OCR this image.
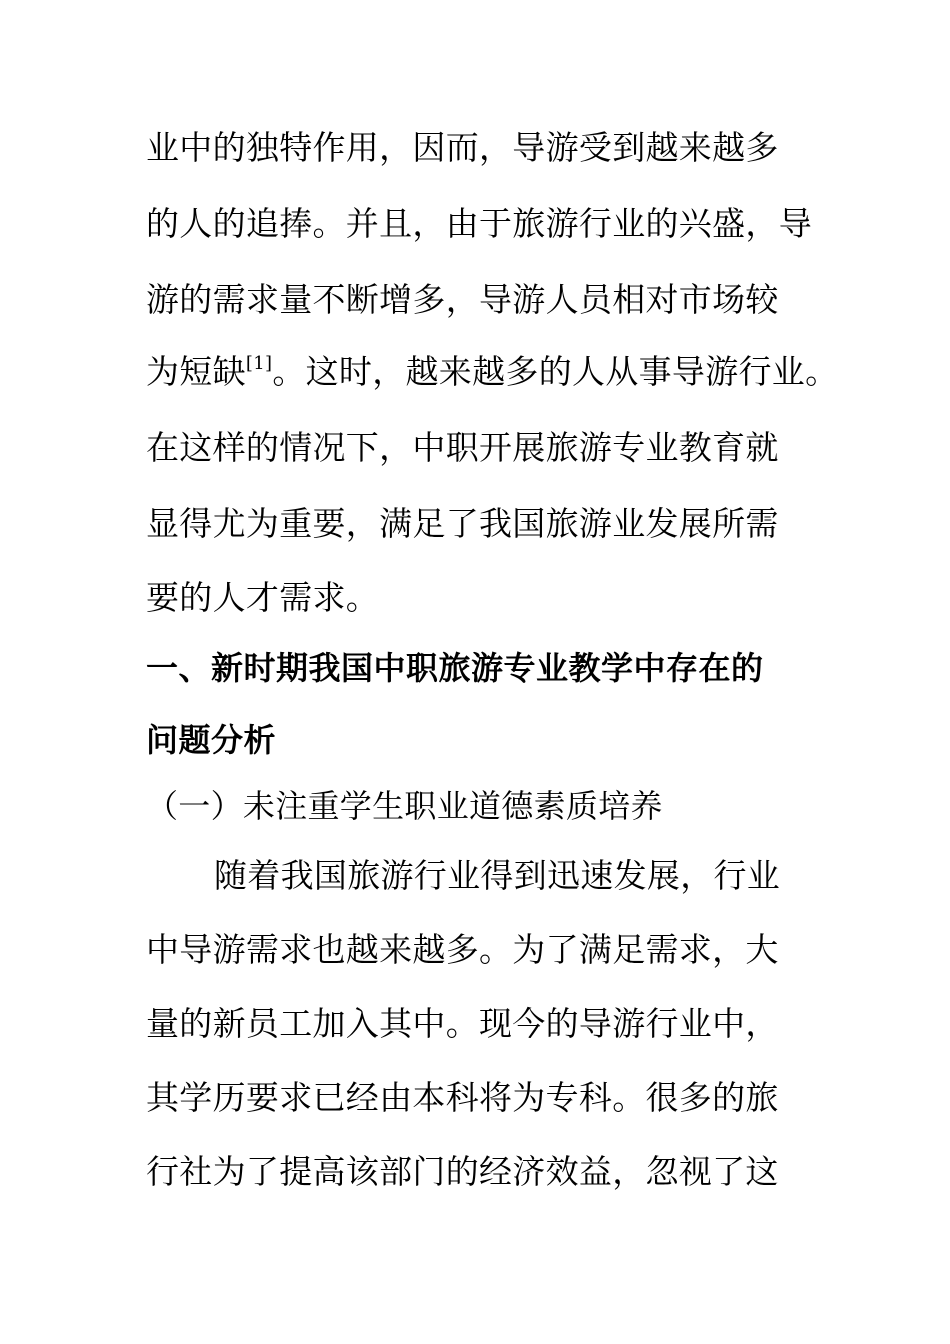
业中的独特作用，因而，导游受到越来越多
的人的追捧。并且，由于旅游行业的兴盛，导
游的需求量不断增多，导游人员相对市场较
为短缺[1]。这时，越来越多的人从事导游行业。
在这样的情况下，中职开展旅游专业教育就
显得尤为重要，满足了我国旅游业发展所需
要的人才需求。
一、新时期我国中职旅游专业教学中存在的
问题分析
（一）未注重学生职业道德素质培养
随着我国旅游行业得到迅速发展，行业
中导游需求也越来越多。为了满足需求，大
量的新员工加入其中。现今的导游行业中，
其学历要求已经由本科将为专科。很多的旅
行社为了提高该部门的经济效益，忽视了这
